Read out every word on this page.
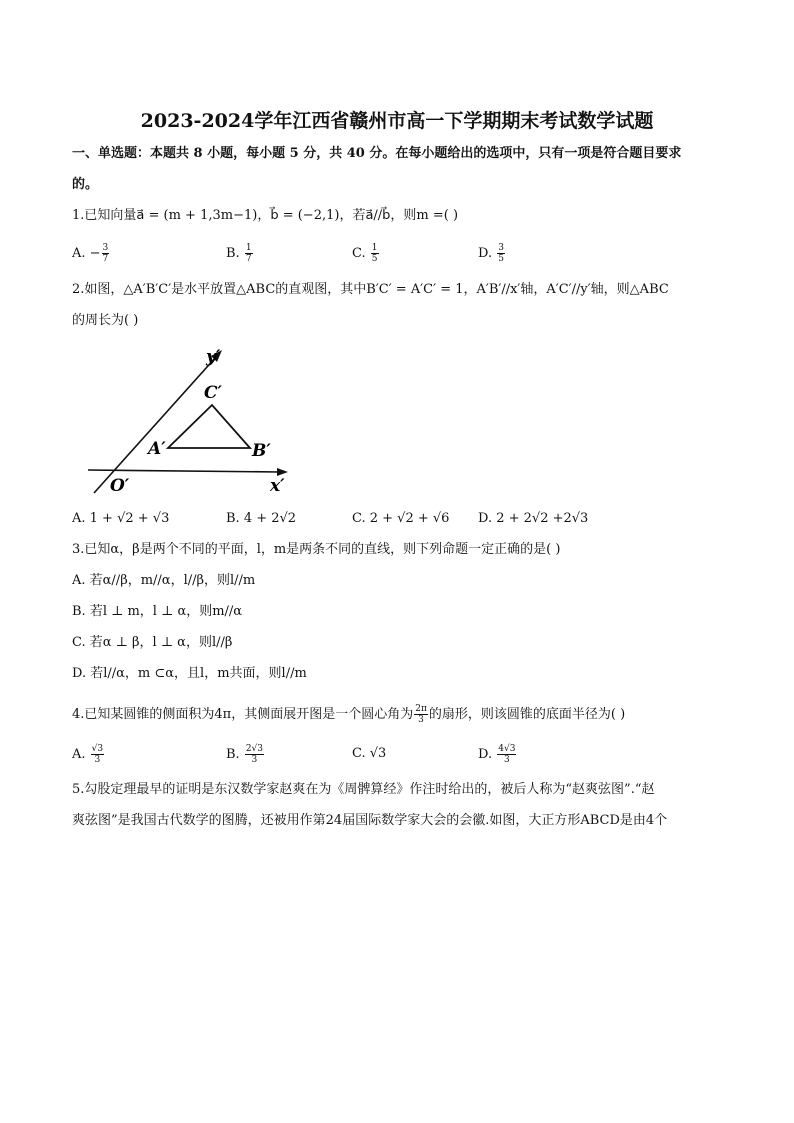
2023-2024学年江西省赣州市高一下学期期末考试数学试题
一、单选题：本题共 8 小题，每小题 5 分，共 40 分。在每小题给出的选项中，只有一项是符合题目要求
的。
1.已知向量a⃗ = (m + 1,3m−1)，b⃗ = (−2,1)，若a⃗//b⃗，则m =( )
A. − $\frac{3}{7}$	B. $\frac{1}{7}$	C. $\frac{1}{5}$	D. $\frac{3}{5}$
2.如图，△A′B′C′是水平放置△ABC的直观图，其中B′C′ = A′C′ = 1，A′B′//x′轴，A′C′//y′轴，则△ABC
的周长为( )
y′
x′
O′
A′	B′
C′
A. 1 + √2 + √3	B. 4 + 2√2	C. 2 + √2 + √6 D. 2 + 2√2 +2√3
3.已知α，β是两个不同的平面，l，m是两条不同的直线，则下列命题一定正确的是( )
A. 若α//β，m//α，l//β，则l//m
B. 若l ⊥ m，l ⊥ α，则m//α
C. 若α ⊥ β，l ⊥ α，则l//β
D. 若l//α，m ⊂α，且l，m共面，则l//m
4.已知某圆锥的侧面积为4π，其侧面展开图是一个圆心角为 $\frac{2\pi}{3}$ 的扇形，则该圆锥的底面半径为( )
A. $\frac{√3}{3}$	B. $\frac{2√3}{3}$	C. √3	D. $\frac{4√3}{3}$
5.勾股定理最早的证明是东汉数学家赵爽在为《周髀算经》作注时给出的，被后人称为“赵爽弦图”.“赵
爽弦图”是我国古代数学的图腾，还被用作第24届国际数学家大会的会徽.如图，大正方形ABCD是由4个
